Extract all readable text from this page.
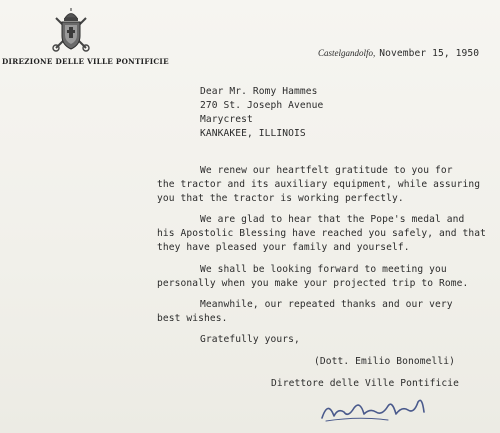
DIREZIONE DELLE VILLE PONTIFICIE

Castelgandolfo, November 15, 1950

Dear Mr. Romy Hammes

270 St. Joseph Avenue

Marycrest

KANKAKEE, ILLINOIS

We renew our heartfelt gratitude to you for

the tractor and its auxiliary equipment, while assuring

you that the tractor is working perfectly.

We are glad to hear that the Pope's medal and

his Apostolic Blessing have reached you safely, and that

they have pleased your family and yourself.

We shall be looking forward to meeting you

personally when you make your projected trip to Rome.

Meanwhile, our repeated thanks and our very

best wishes.

Gratefully yours,

(Dott. Emilio Bonomelli)

Direttore delle Ville Pontificie
